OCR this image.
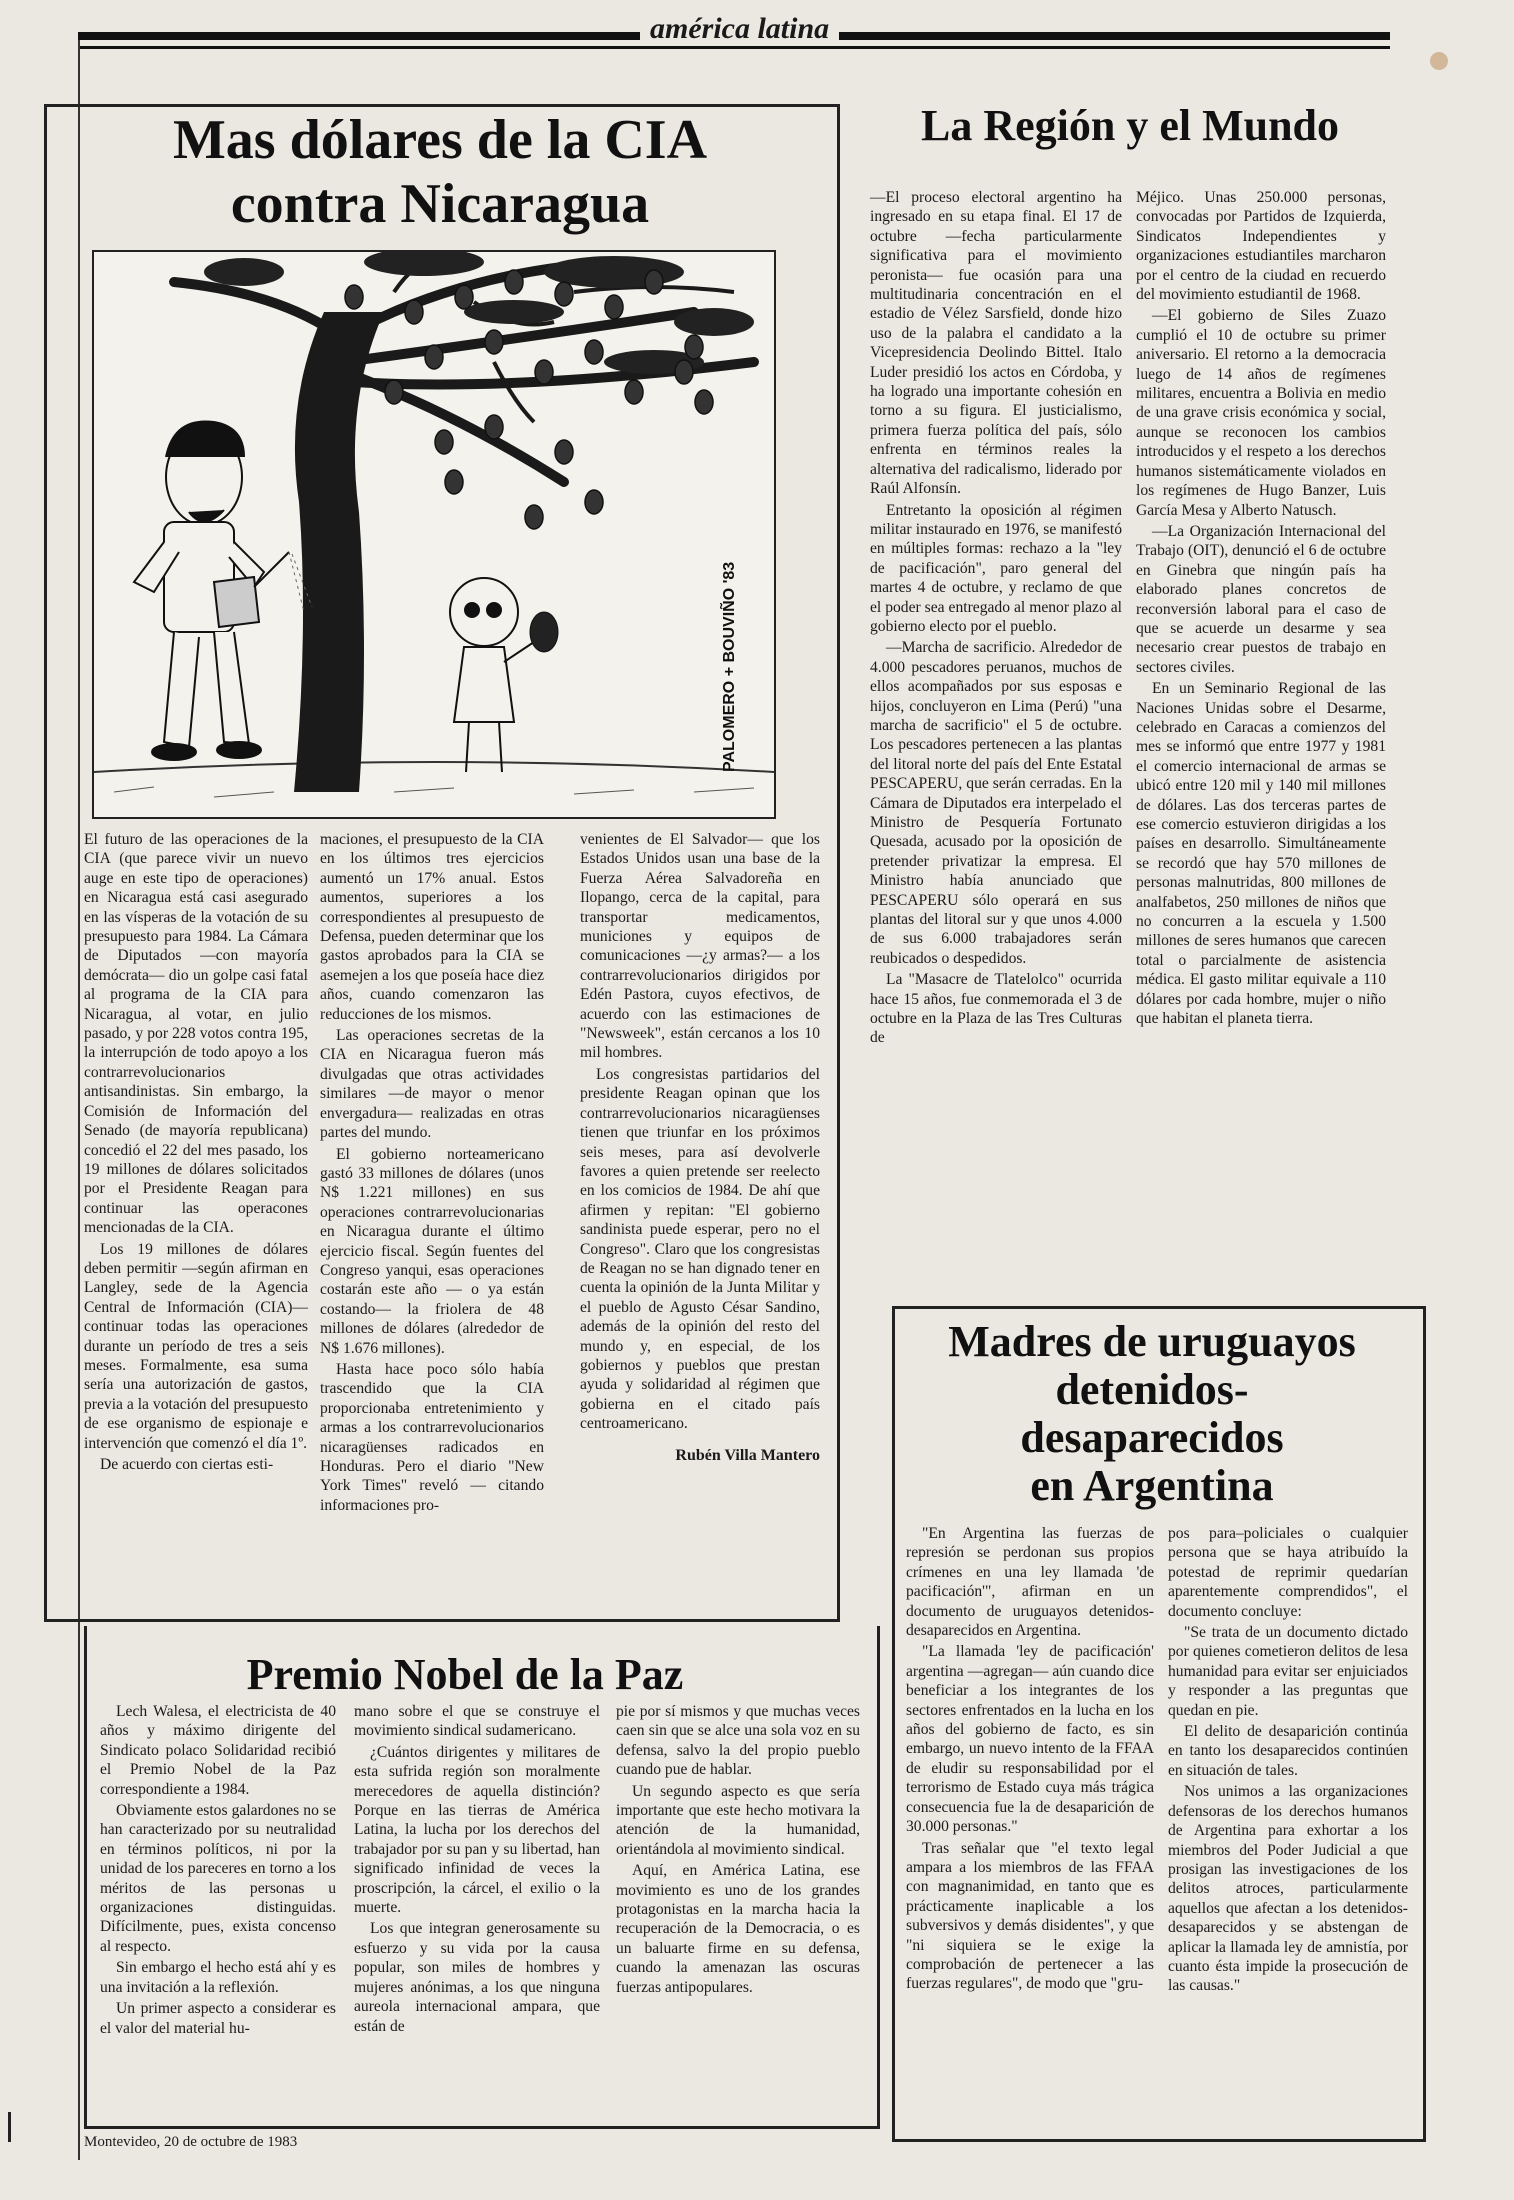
américa latina
Mas dólares de la CIA
contra Nicaragua
PALOMERO + BOUVIÑO '83

El futuro de las operaciones de la CIA (que parece vivir un nuevo auge en este tipo de operaciones) en Nicaragua está casi asegurado en las vísperas de la votación de su presupuesto para 1984. La Cámara de Diputados —con mayoría demócrata— dio un golpe casi fatal al programa de la CIA para Nicaragua, al votar, en julio pasado, y por 228 votos contra 195, la interrupción de todo apoyo a los contrarrevolucionarios antisandinistas. Sin embargo, la Comisión de Información del Senado (de mayoría republicana) concedió el 22 del mes pasado, los 19 millones de dólares solicitados por el Presidente Reagan para continuar las operacones mencionadas de la CIA.

Los 19 millones de dólares deben permitir —según afirman en Langley, sede de la Agencia Central de Información (CIA)— continuar todas las operaciones durante un período de tres a seis meses. Formalmente, esa suma sería una autorización de gastos, previa a la votación del presupuesto de ese organismo de espionaje e intervención que comenzó el día 1º.

De acuerdo con ciertas esti-

maciones, el presupuesto de la CIA en los últimos tres ejercicios aumentó un 17% anual. Estos aumentos, superiores a los correspondientes al presupuesto de Defensa, pueden determinar que los gastos aprobados para la CIA se asemejen a los que poseía hace diez años, cuando comenzaron las reducciones de los mismos.

Las operaciones secretas de la CIA en Nicaragua fueron más divulgadas que otras actividades similares —de mayor o menor envergadura— realizadas en otras partes del mundo.

El gobierno norteamericano gastó 33 millones de dólares (unos N$ 1.221 millones) en sus operaciones contrarrevolucionarias en Nicaragua durante el último ejercicio fiscal. Según fuentes del Congreso yanqui, esas operaciones costarán este año — o ya están costando— la friolera de 48 millones de dólares (alrededor de N$ 1.676 millones).

Hasta hace poco sólo había trascendido que la CIA proporcionaba entretenimiento y armas a los contrarrevolucionarios nicaragüenses radicados en Honduras. Pero el diario "New York Times" reveló — citando informaciones pro-

venientes de El Salvador— que los Estados Unidos usan una base de la Fuerza Aérea Salvadoreña en Ilopango, cerca de la capital, para transportar medicamentos, municiones y equipos de comunicaciones —¿y armas?— a los contrarrevolucionarios dirigidos por Edén Pastora, cuyos efectivos, de acuerdo con las estimaciones de "Newsweek", están cercanos a los 10 mil hombres.

Los congresistas partidarios del presidente Reagan opinan que los contrarrevolucionarios nicaragüenses tienen que triunfar en los próximos seis meses, para así devolverle favores a quien pretende ser reelecto en los comicios de 1984. De ahí que afirmen y repitan: "El gobierno sandinista puede esperar, pero no el Congreso". Claro que los congresistas de Reagan no se han dignado tener en cuenta la opinión de la Junta Militar y el pueblo de Agusto César Sandino, además de la opinión del resto del mundo y, en especial, de los gobiernos y pueblos que prestan ayuda y solidaridad al régimen que gobierna en el citado país centroamericano.

Rubén Villa Mantero

La Región y el Mundo

—El proceso electoral argentino ha ingresado en su etapa final. El 17 de octubre —fecha particularmente significativa para el movimiento peronista— fue ocasión para una multitudinaria concentración en el estadio de Vélez Sarsfield, donde hizo uso de la palabra el candidato a la Vicepresidencia Deolindo Bittel. Italo Luder presidió los actos en Córdoba, y ha logrado una importante cohesión en torno a su figura. El justicialismo, primera fuerza política del país, sólo enfrenta en términos reales la alternativa del radicalismo, liderado por Raúl Alfonsín.

Entretanto la oposición al régimen militar instaurado en 1976, se manifestó en múltiples formas: rechazo a la "ley de pacificación", paro general del martes 4 de octubre, y reclamo de que el poder sea entregado al menor plazo al gobierno electo por el pueblo.

—Marcha de sacrificio. Alrededor de 4.000 pescadores peruanos, muchos de ellos acompañados por sus esposas e hijos, concluyeron en Lima (Perú) "una marcha de sacrificio" el 5 de octubre. Los pescadores pertenecen a las plantas del litoral norte del país del Ente Estatal PESCAPERU, que serán cerradas. En la Cámara de Diputados era interpelado el Ministro de Pesquería Fortunato Quesada, acusado por la oposición de pretender privatizar la empresa. El Ministro había anunciado que PESCAPERU sólo operará en sus plantas del litoral sur y que unos 4.000 de sus 6.000 trabajadores serán reubicados o despedidos.

La "Masacre de Tlatelolco" ocurrida hace 15 años, fue conmemorada el 3 de octubre en la Plaza de las Tres Culturas de

Méjico. Unas 250.000 personas, convocadas por Partidos de Izquierda, Sindicatos Independientes y organizaciones estudiantiles marcharon por el centro de la ciudad en recuerdo del movimiento estudiantil de 1968.

—El gobierno de Siles Zuazo cumplió el 10 de octubre su primer aniversario. El retorno a la democracia luego de 14 años de regímenes militares, encuentra a Bolivia en medio de una grave crisis económica y social, aunque se reconocen los cambios introducidos y el respeto a los derechos humanos sistemáticamente violados en los regímenes de Hugo Banzer, Luis García Mesa y Alberto Natusch.

—La Organización Internacional del Trabajo (OIT), denunció el 6 de octubre en Ginebra que ningún país ha elaborado planes concretos de reconversión laboral para el caso de que se acuerde un desarme y sea necesario crear puestos de trabajo en sectores civiles.

En un Seminario Regional de las Naciones Unidas sobre el Desarme, celebrado en Caracas a comienzos del mes se informó que entre 1977 y 1981 el comercio internacional de armas se ubicó entre 120 mil y 140 mil millones de dólares. Las dos terceras partes de ese comercio estuvieron dirigidas a los países en desarrollo. Simultáneamente se recordó que hay 570 millones de personas malnutridas, 800 millones de analfabetos, 250 millones de niños que no concurren a la escuela y 1.500 millones de seres humanos que carecen total o parcialmente de asistencia médica. El gasto militar equivale a 110 dólares por cada hombre, mujer o niño que habitan el planeta tierra.

Madres de uruguayos
detenidos-
desaparecidos
en Argentina

"En Argentina las fuerzas de represión se perdonan sus propios crímenes en una ley llamada 'de pacificación'", afirman en un documento de uruguayos detenidos-desaparecidos en Argentina.

"La llamada 'ley de pacificación' argentina —agregan— aún cuando dice beneficiar a los integrantes de los sectores enfrentados en la lucha en los años del gobierno de facto, es sin embargo, un nuevo intento de la FFAA de eludir su responsabilidad por el terrorismo de Estado cuya más trágica consecuencia fue la de desaparición de 30.000 personas."

Tras señalar que "el texto legal ampara a los miembros de las FFAA con magnanimidad, en tanto que es prácticamente inaplicable a los subversivos y demás disidentes", y que "ni siquiera se le exige la comprobación de pertenecer a las fuerzas regulares", de modo que "gru-

pos para–policiales o cualquier persona que se haya atribuído la potestad de reprimir quedarían aparentemente comprendidos", el documento concluye:

"Se trata de un documento dictado por quienes cometieron delitos de lesa humanidad para evitar ser enjuiciados y responder a las preguntas que quedan en pie.

El delito de desaparición continúa en tanto los desaparecidos continúen en situación de tales.

Nos unimos a las organizaciones defensoras de los derechos humanos de Argentina para exhortar a los miembros del Poder Judicial a que prosigan las investigaciones de los delitos atroces, particularmente aquellos que afectan a los detenidos-desaparecidos y se abstengan de aplicar la llamada ley de amnistía, por cuanto ésta impide la prosecución de las causas."

Premio Nobel de la Paz

Lech Walesa, el electricista de 40 años y máximo dirigente del Sindicato polaco Solidaridad recibió el Premio Nobel de la Paz correspondiente a 1984.

Obviamente estos galardones no se han caracterizado por su neutralidad en términos políticos, ni por la unidad de los pareceres en torno a los méritos de las personas u organizaciones distinguidas. Difícilmente, pues, exista concenso al respecto.

Sin embargo el hecho está ahí y es una invitación a la reflexión.

Un primer aspecto a considerar es el valor del material hu-

mano sobre el que se construye el movimiento sindical sudamericano.

¿Cuántos dirigentes y militares de esta sufrida región son moralmente merecedores de aquella distinción? Porque en las tierras de América Latina, la lucha por los derechos del trabajador por su pan y su libertad, han significado infinidad de veces la proscripción, la cárcel, el exilio o la muerte.

Los que integran generosamente su esfuerzo y su vida por la causa popular, son miles de hombres y mujeres anónimas, a los que ninguna aureola internacional ampara, que están de

pie por sí mismos y que muchas veces caen sin que se alce una sola voz en su defensa, salvo la del propio pueblo cuando pue de hablar.

Un segundo aspecto es que sería importante que este hecho motivara la atención de la humanidad, orientándola al movimiento sindical.

Aquí, en América Latina, ese movimiento es uno de los grandes protagonistas en la marcha hacia la recuperación de la Democracia, o es un baluarte firme en su defensa, cuando la amenazan las oscuras fuerzas antipopulares.

Montevideo, 20 de octubre de 1983
